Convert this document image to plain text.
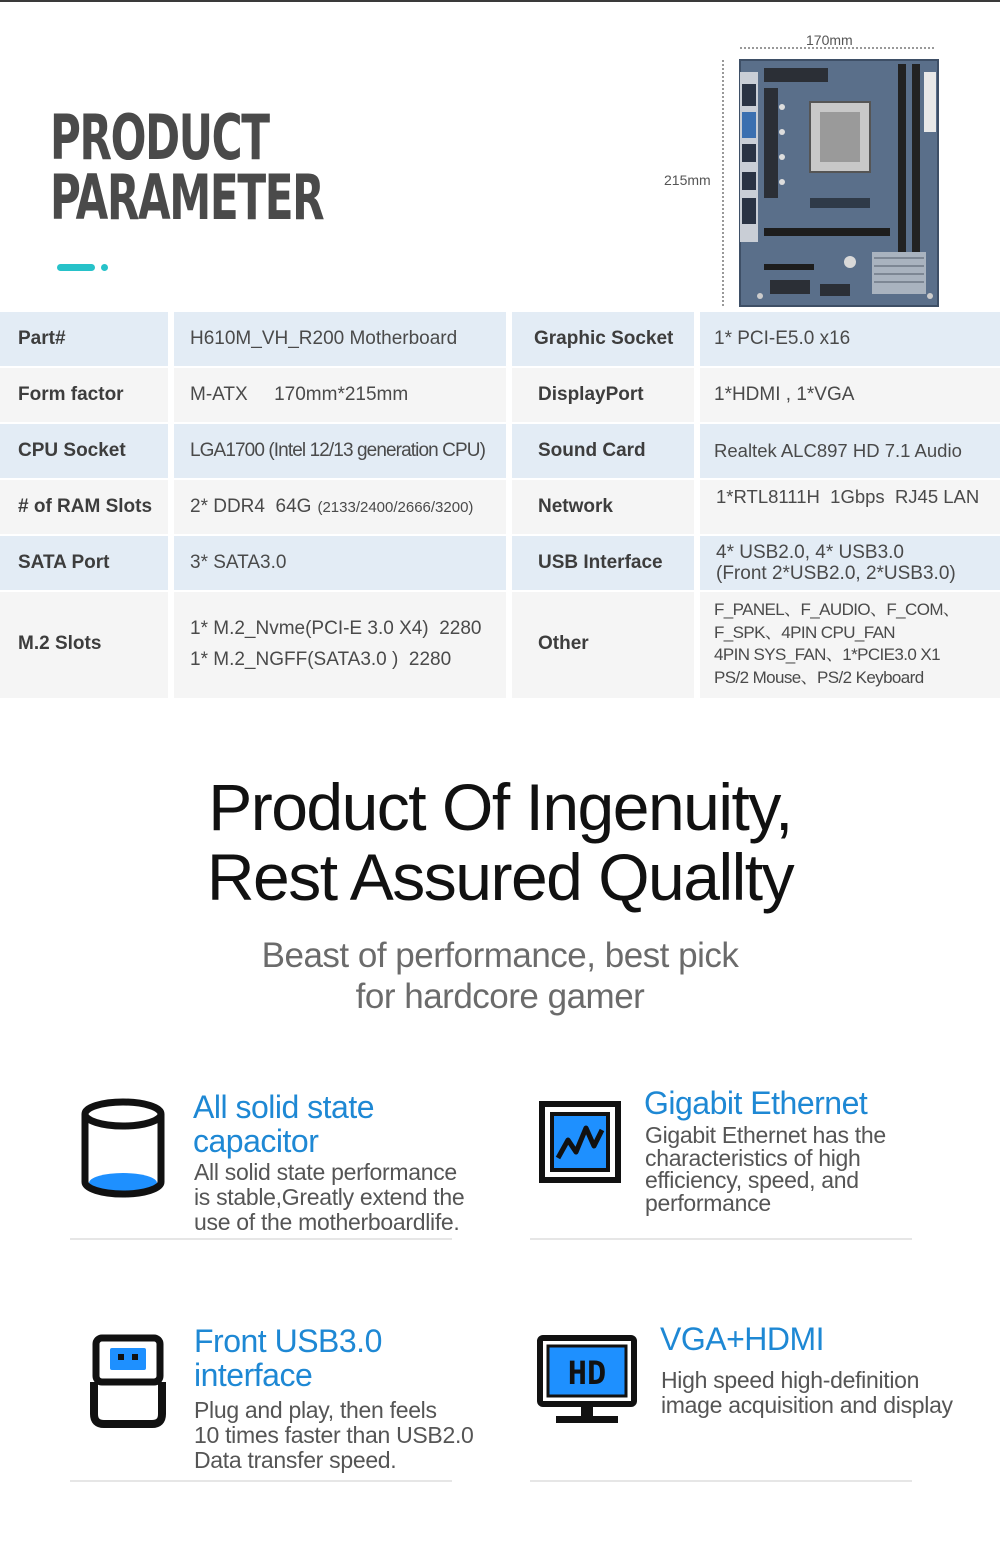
PRODUCT
PARAMETER
170mm
215mm
Part#
Form factor
CPU Socket
# of RAM Slots
SATA Port
M.2 Slots
H610M_VH_R200 Motherboard
M-ATX     170mm*215mm
LGA1700 (Intel 12/13 generation CPU)
2* DDR4  64G (2133/2400/2666/3200)
3* SATA3.0
1* M.2_Nvme(PCI-E 3.0 X4)  2280
1* M.2_NGFF(SATA3.0 )  2280
Graphic Socket
DisplayPort
Sound Card
Network
USB Interface
Other
1* PCI-E5.0 x16
1*HDMI , 1*VGA
Realtek ALC897 HD 7.1 Audio
1*RTL8111H  1Gbps  RJ45 LAN
4* USB2.0, 4* USB3.0
(Front 2*USB2.0, 2*USB3.0)
F_PANEL、F_AUDIO、F_COM、
F_SPK、4PIN CPU_FAN
4PIN SYS_FAN、1*PCIE3.0 X1
PS/2 Mouse、PS/2 Keyboard
Product Of Ingenuity,
Rest Assured Quallty

Beast of performance, best pick
for hardcore gamer

All solid state
capacitor

All solid state performance
is stable,Greatly extend the
use of the motherboardlife.

Gigabit Ethernet

Gigabit Ethernet has the
characteristics of high
efficiency, speed, and
performance

Front USB3.0
interface

Plug and play, then feels
10 times faster than USB2.0
Data transfer speed.

HD
VGA+HDMI

High speed high-definition
image acquisition and display
